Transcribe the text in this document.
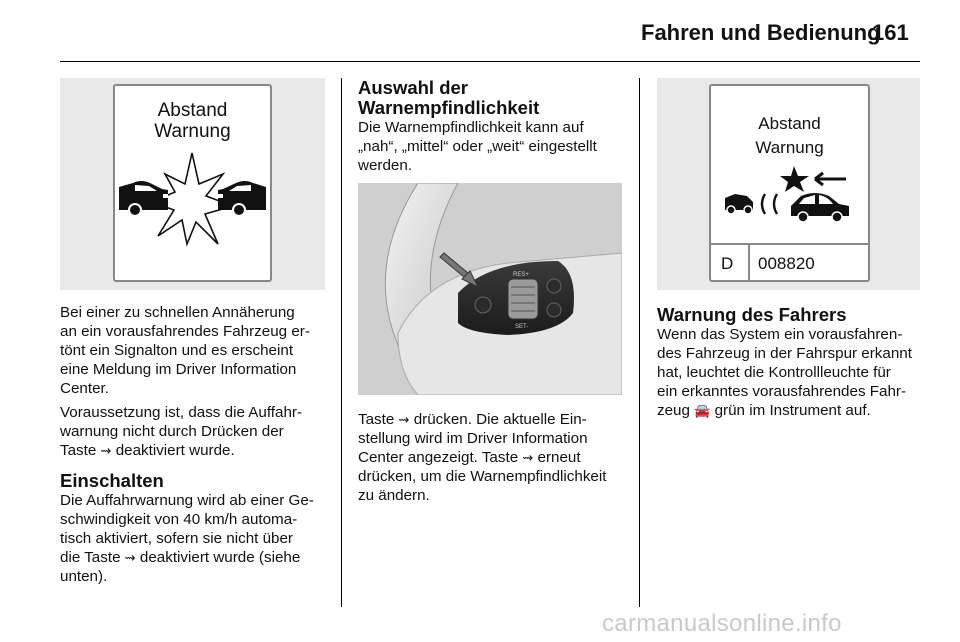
Fahren und Bedienung
161
Abstand
Warnung

Bei einer zu schnellen Annäherung
an ein vorausfahrendes Fahrzeug er-
tönt ein Signalton und es erscheint
eine Meldung im Driver Information
Center.

Voraussetzung ist, dass die Auffahr-
warnung nicht durch Drücken der
Taste ⇝ deaktiviert wurde.

Einschalten

Die Auffahrwarnung wird ab einer Ge-
schwindigkeit von 40 km/h automa-
tisch aktiviert, sofern sie nicht über
die Taste ⇝ deaktiviert wurde (siehe
unten).

Auswahl der
Warnempfindlichkeit

Die Warnempfindlichkeit kann auf
„nah“, „mittel“ oder „weit“ eingestellt
werden.

RES+
SET-

Taste ⇝ drücken. Die aktuelle Ein-
stellung wird im Driver Information
Center angezeigt. Taste ⇝ erneut
drücken, um die Warnempfindlichkeit
zu ändern.

Abstand
Warnung
D 008820
Warnung des Fahrers

Wenn das System ein vorausfahren-
des Fahrzeug in der Fahrspur erkannt
hat, leuchtet die Kontrollleuchte für
ein erkanntes vorausfahrendes Fahr-
zeug 🚘 grün im Instrument auf.

carmanualsonline.info
